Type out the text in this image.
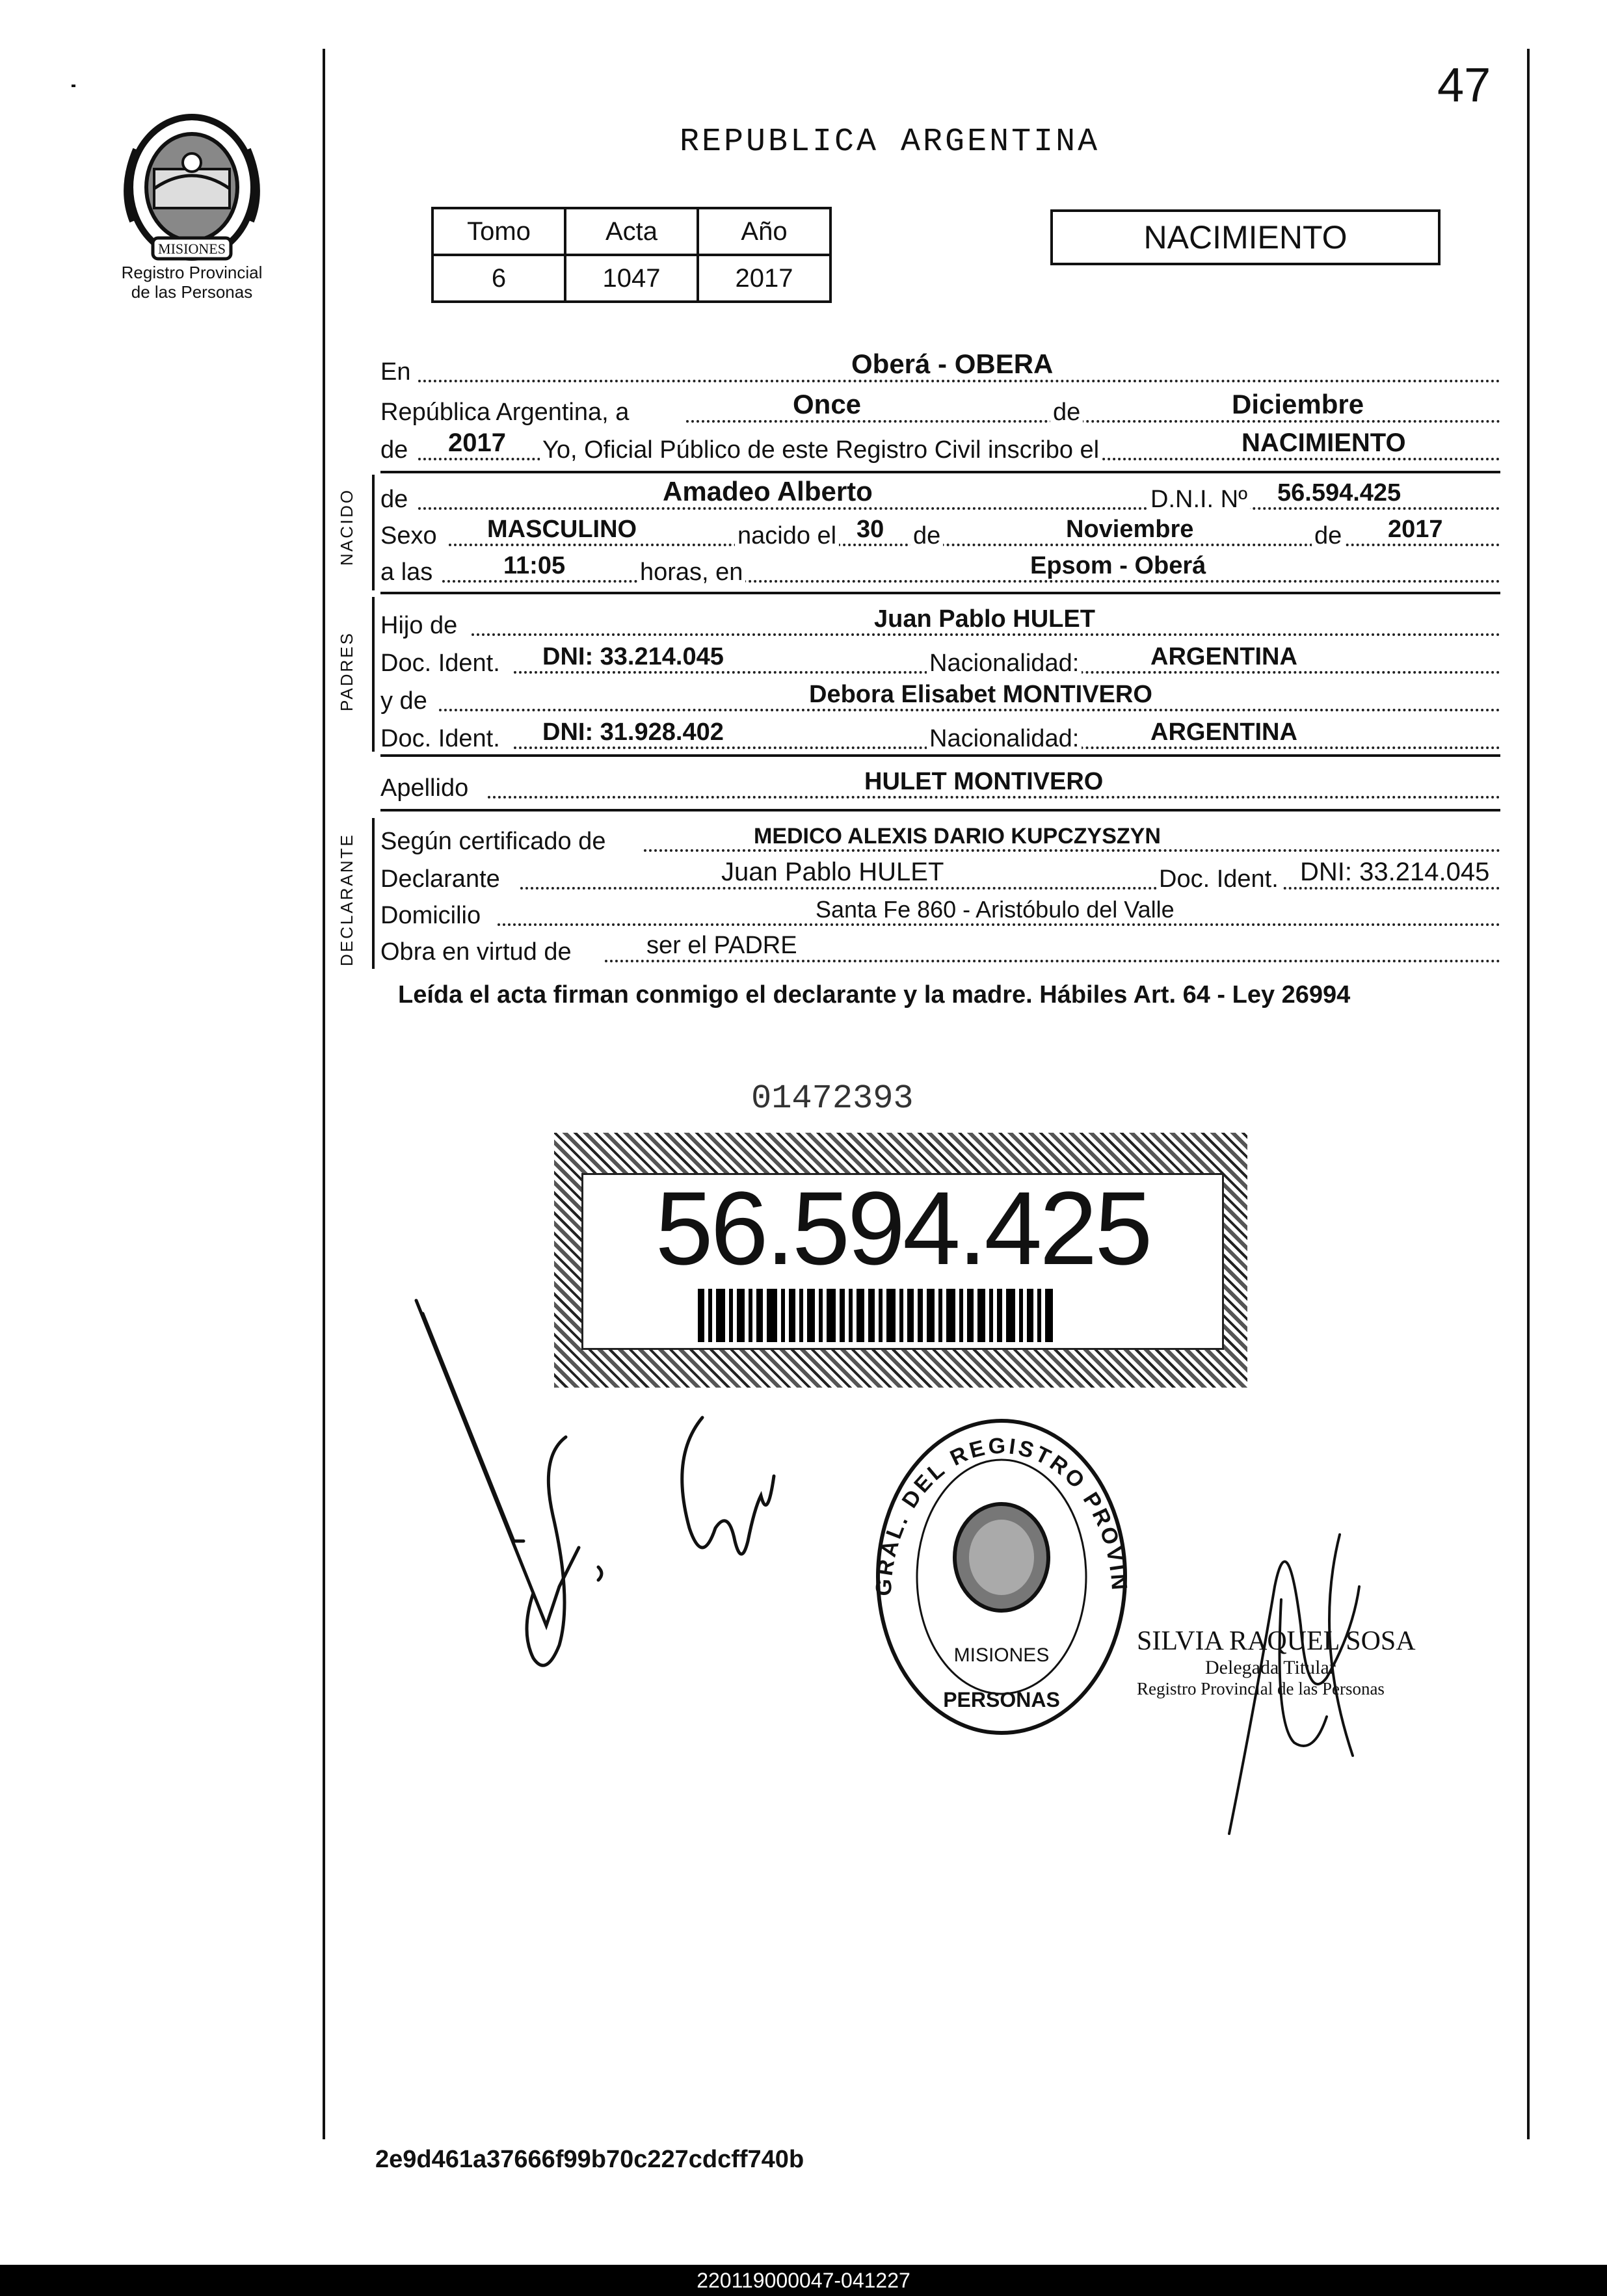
47
MISIONES
Registro Provincial
de las Personas
REPUBLICA ARGENTINA
Tomo	Acta	Año
6	1047	2017
NACIMIENTO
En	Oberá - OBERA
República Argentina, a	Once	de	Diciembre
de 2017 Yo, Oficial Público de este Registro Civil inscribo el	NACIMIENTO
NACIDO de	Amadeo Alberto	D.N.I. Nº 56.594.425
Sexo MASCULINO	nacido el 30 de	Noviembre	de 2017
a las	11:05	horas, en	Epsom - Oberá
PADRES
Hijo de	Juan Pablo HULET
Doc. Ident. DNI: 33.214.045	Nacionalidad:	ARGENTINA
y de	Debora Elisabet MONTIVERO
Doc. Ident. DNI: 31.928.402	Nacionalidad:	ARGENTINA
Apellido	HULET MONTIVERO
DECLARANTE Según certificado de	MEDICO ALEXIS DARIO KUPCZYSZYN
Declarante	Juan Pablo HULET	Doc. Ident. DNI: 33.214.045
Domicilio	Santa Fe 860 - Aristóbulo del Valle
Obra en virtud de	ser el PADRE
Leída el acta firman conmigo el declarante y la madre. Hábiles Art. 64 - Ley 26994
01472393
56.594.425
GRAL. DEL REGISTRO PROVIN
MISIONES
PERSONAS
SILVIA RAQUEL SOSA
Delegada Titular
Registro Provincial de las Personas
2e9d461a37666f99b70c227cdcff740b
220119000047-041227
